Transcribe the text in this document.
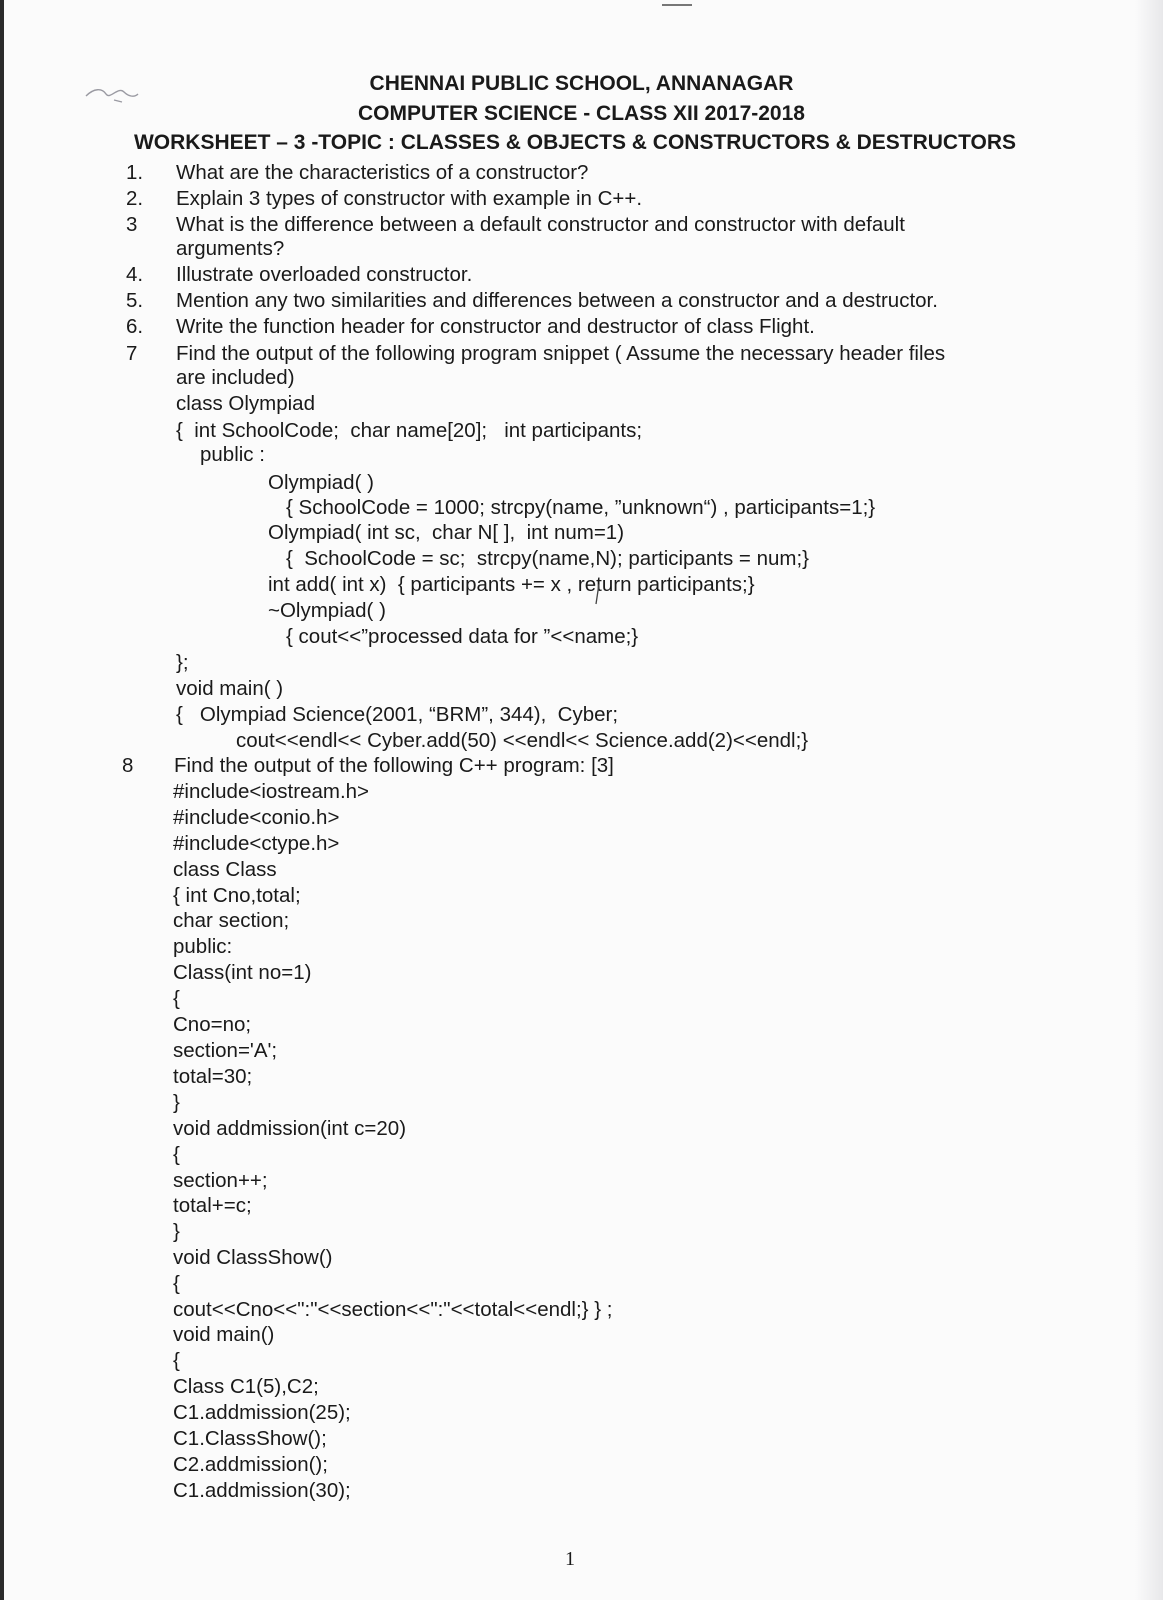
CHENNAI PUBLIC SCHOOL, ANNANAGAR
COMPUTER SCIENCE - CLASS XII 2017-2018
WORKSHEET – 3 -TOPIC : CLASSES & OBJECTS & CONSTRUCTORS & DESTRUCTORS
1. What are the characteristics of a constructor?
2. Explain 3 types of constructor with example in C++.
3 What is the difference between a default constructor and constructor with default
arguments?
4. Illustrate overloaded constructor.
5. Mention any two similarities and differences between a constructor and a destructor.
6. Write the function header for constructor and destructor of class Flight.
7 Find the output of the following program snippet ( Assume the necessary header files
are included)
class Olympiad
{  int SchoolCode;  char name[20];   int participants;
public :
Olympiad( )
{ SchoolCode = 1000; strcpy(name, ”unknown“) , participants=1;}
Olympiad( int sc,  char N[ ],  int num=1)
{  SchoolCode = sc;  strcpy(name,N); participants = num;}
int add( int x)  { participants += x , return participants;}
~Olympiad( )
{ cout<<”processed data for ”<<name;}
};
void main( )
{   Olympiad Science(2001, “BRM”, 344),  Cyber;
cout<<endl<< Cyber.add(50) <<endl<< Science.add(2)<<endl;}
8 Find the output of the following C++ program: [3]
#include<iostream.h>
#include<conio.h>
#include<ctype.h>
class Class
{ int Cno,total;
char section;
public:
Class(int no=1)
{
Cno=no;
section='A';
total=30;
}
void addmission(int c=20)
{
section++;
total+=c;
}
void ClassShow()
{
cout<<Cno<<":"<<section<<":"<<total<<endl;} } ;
void main()
{
Class C1(5),C2;
C1.addmission(25);
C1.ClassShow();
C2.addmission();
C1.addmission(30);
1
